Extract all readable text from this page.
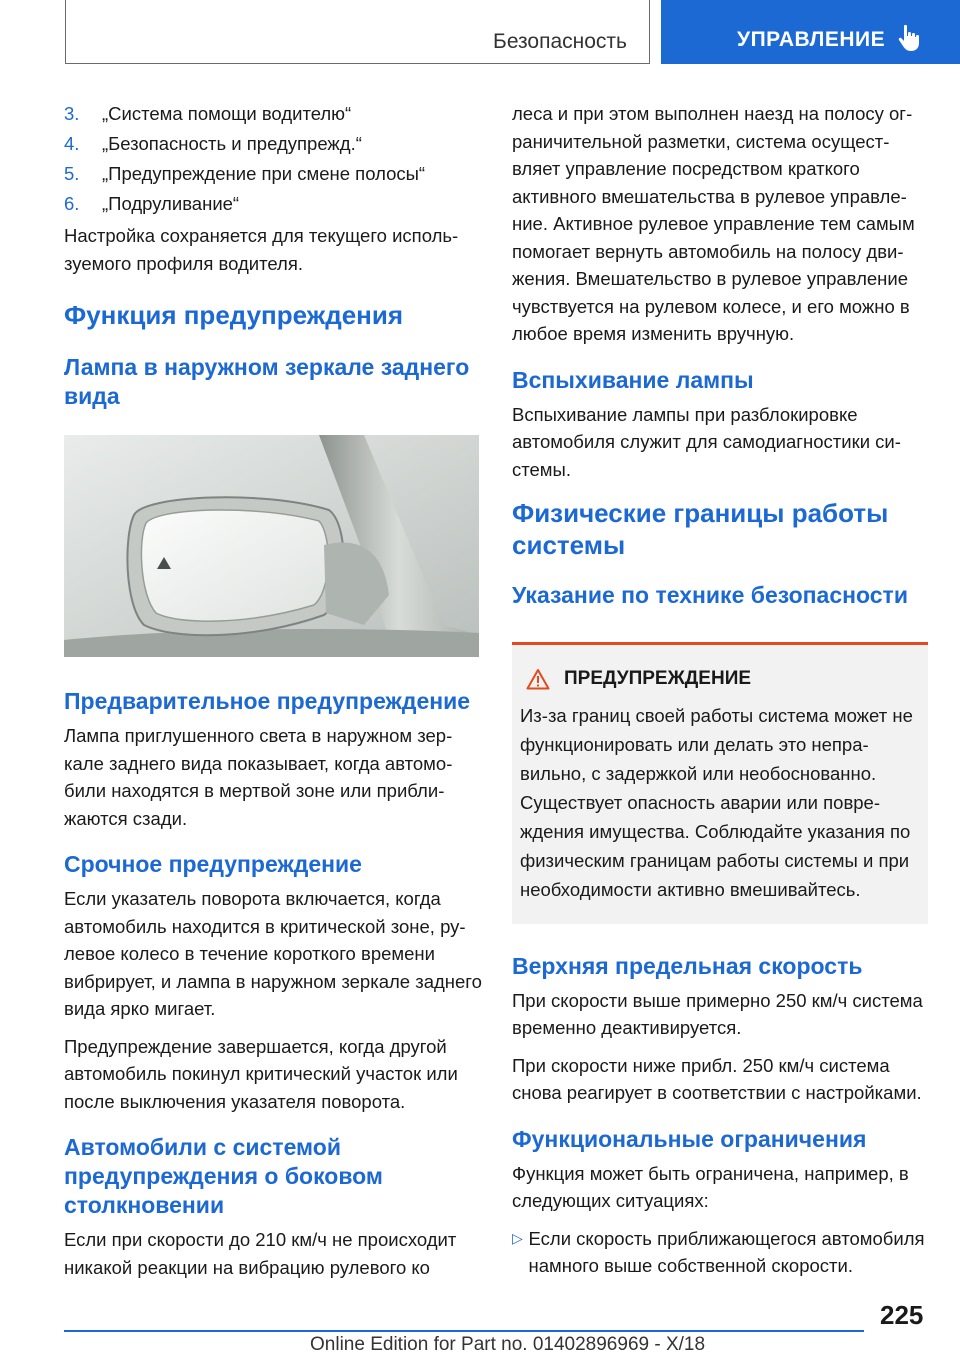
Безопасность	УПРАВЛЕНИЕ
3.	„Система помощи водителю“
4.	„Безопасность и предупрежд.“
5.	„Предупреждение при смене полосы“
6.	„Подруливание“

Настройка сохраняется для текущего используемого профиля водителя.

Функция предупреждения
Лампа в наружном зеркале заднего вида
Предварительное предупреждение

Лампа приглушенного света в наружном зеркале заднего вида показывает, когда автомобили находятся в мертвой зоне или приближаются сзади.

Срочное предупреждение

Если указатель поворота включается, когда автомобиль находится в критической зоне, рулевое колесо в течение короткого времени вибрирует, и лампа в наружном зеркале заднего вида ярко мигает.

Предупреждение завершается, когда другой автомобиль покинул критический участок или после выключения указателя поворота.

Автомобили с системой предупреждения о боковом столкновении

Если при скорости до 210 км/ч не происходит никакой реакции на вибрацию рулевого ко

леса и при этом выполнен наезд на полосу ограничительной разметки, система осуществляет управление посредством краткого активного вмешательства в рулевое управление. Активное рулевое управление тем самым помогает вернуть автомобиль на полосу движения. Вмешательство в рулевое управление чувствуется на рулевом колесе, и его можно в любое время изменить вручную.

Вспыхивание лампы

Вспыхивание лампы при разблокировке автомобиля служит для самодиагностики системы.

Физические границы работы системы
Указание по технике безопасности
ПРЕДУПРЕЖДЕНИЕ
Из-за границ своей работы система может не функционировать или делать это неправильно, с задержкой или необоснованно. Существует опасность аварии или повреждения имущества. Соблюдайте указания по физическим границам работы системы и при необходимости активно вмешивайтесь.
Верхняя предельная скорость

При скорости выше примерно 250 км/ч система временно деактивируется.

При скорости ниже прибл. 250 км/ч система снова реагирует в соответствии с настройками.

Функциональные ограничения

Функция может быть ограничена, например, в следующих ситуациях:

▷ Если скорость приближающегося автомобиля намного выше собственной скорости.
225
Online Edition for Part no. 01402896969 - X/18
